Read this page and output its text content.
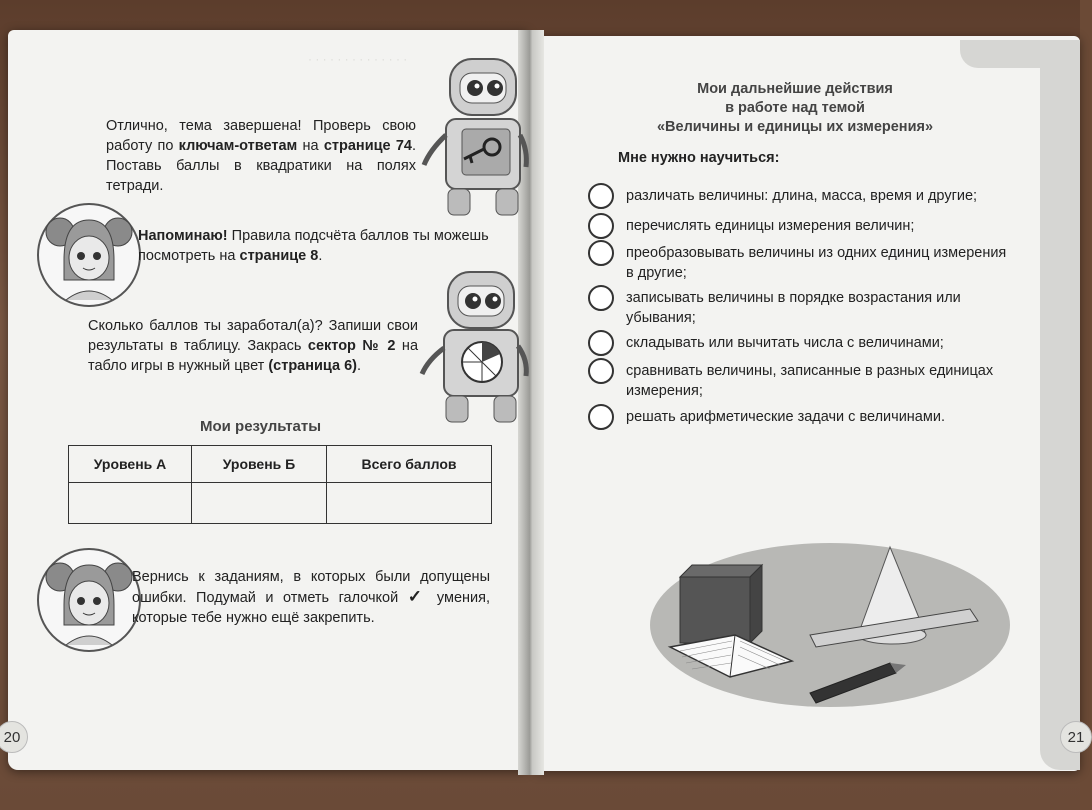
· · · · · · · · · · · · · ·
Отлично, тема завершена! Проверь свою работу по ключам-ответам на странице 74. Поставь баллы в квадратики на полях тетради.
Напоминаю! Правила подсчёта баллов ты можешь посмотреть на странице 8.
Сколько баллов ты заработал(а)? Запиши свои результаты в таблицу. Закрась сектор № 2 на табло игры в нужный цвет (страница 6).
Мои результаты
Уровень А	Уровень Б	Всего баллов

Вернись к заданиям, в которых были допущены ошибки. Подумай и отметь галочкой ✓ умения, которые тебе нужно ещё закрепить.
20
Мои дальнейшие действия
в работе над темой
«Величины и единицы их измерения»
Мне нужно научиться:
различать величины: длина, масса, время и другие;
перечислять единицы измерения величин;
преобразовывать величины из одних единиц измерения в другие;
записывать величины в порядке возрастания или убывания;
складывать или вычитать числа с величинами;
сравнивать величины, записанные в разных единицах измерения;
решать арифметические задачи с величинами.
21
